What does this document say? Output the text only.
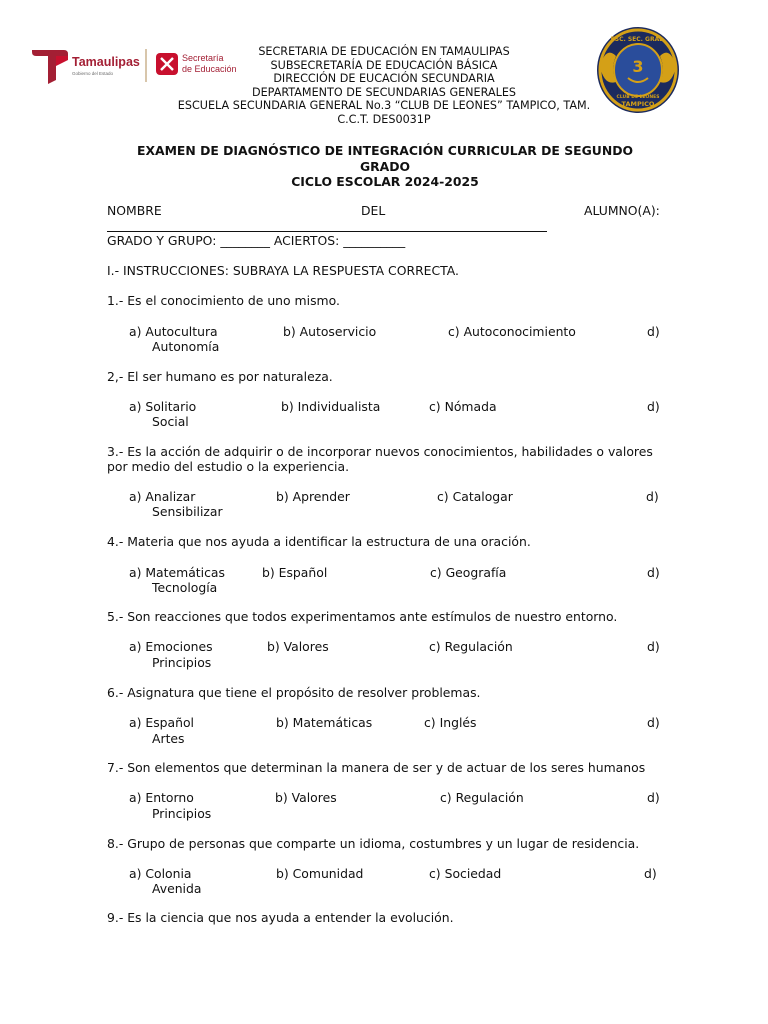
Tamaulipas
Gobierno del Estado
Secretaría
de Educación
ESC. SEC. GRAL.
3
CLUB DE LEONES
TAMPICO
SECRETARIA DE EDUCACIÓN EN TAMAULIPAS
SUBSECRETARÍA DE EDUCACIÓN BÁSICA
DIRECCIÓN DE EUCACIÓN SECUNDARIA
DEPARTAMENTO DE SECUNDARIAS GENERALES
ESCUELA SECUNDARIA GENERAL No.3 “CLUB DE LEONES” TAMPICO, TAM.
C.C.T. DES0031P
EXAMEN DE DIAGNÓSTICO DE INTEGRACIÓN CURRICULAR DE SEGUNDO
GRADO
CICLO ESCOLAR 2024-2025
NOMBRE	DEL	ALUMNO(A):
GRADO Y GRUPO: ________ ACIERTOS: __________
I.- INSTRUCCIONES: SUBRAYA LA RESPUESTA CORRECTA.
1.- Es el conocimiento de uno mismo.
a) Autocultura	b) Autoservicio	c) Autoconocimiento	d)
Autonomía
2,- El ser humano es por naturaleza.
a) Solitario	b) Individualista	c) Nómada	d)
Social
3.- Es la acción de adquirir o de incorporar nuevos conocimientos, habilidades o valores
por medio del estudio o la experiencia.
a) Analizar	b) Aprender	c) Catalogar	d)
Sensibilizar
4.- Materia que nos ayuda a identificar la estructura de una oración.
a) Matemáticas	b) Español	c) Geografía	d)
Tecnología
5.- Son reacciones que todos experimentamos ante estímulos de nuestro entorno.
a) Emociones	b) Valores	c) Regulación	d)
Principios
6.- Asignatura que tiene el propósito de resolver problemas.
a) Español	b) Matemáticas	c) Inglés	d)
Artes
7.- Son elementos que determinan la manera de ser y de actuar de los seres humanos
a) Entorno	b) Valores	c) Regulación	d)
Principios
8.- Grupo de personas que comparte un idioma, costumbres y un lugar de residencia.
a) Colonia	b) Comunidad	c) Sociedad	d)
Avenida
9.- Es la ciencia que nos ayuda a entender la evolución.
